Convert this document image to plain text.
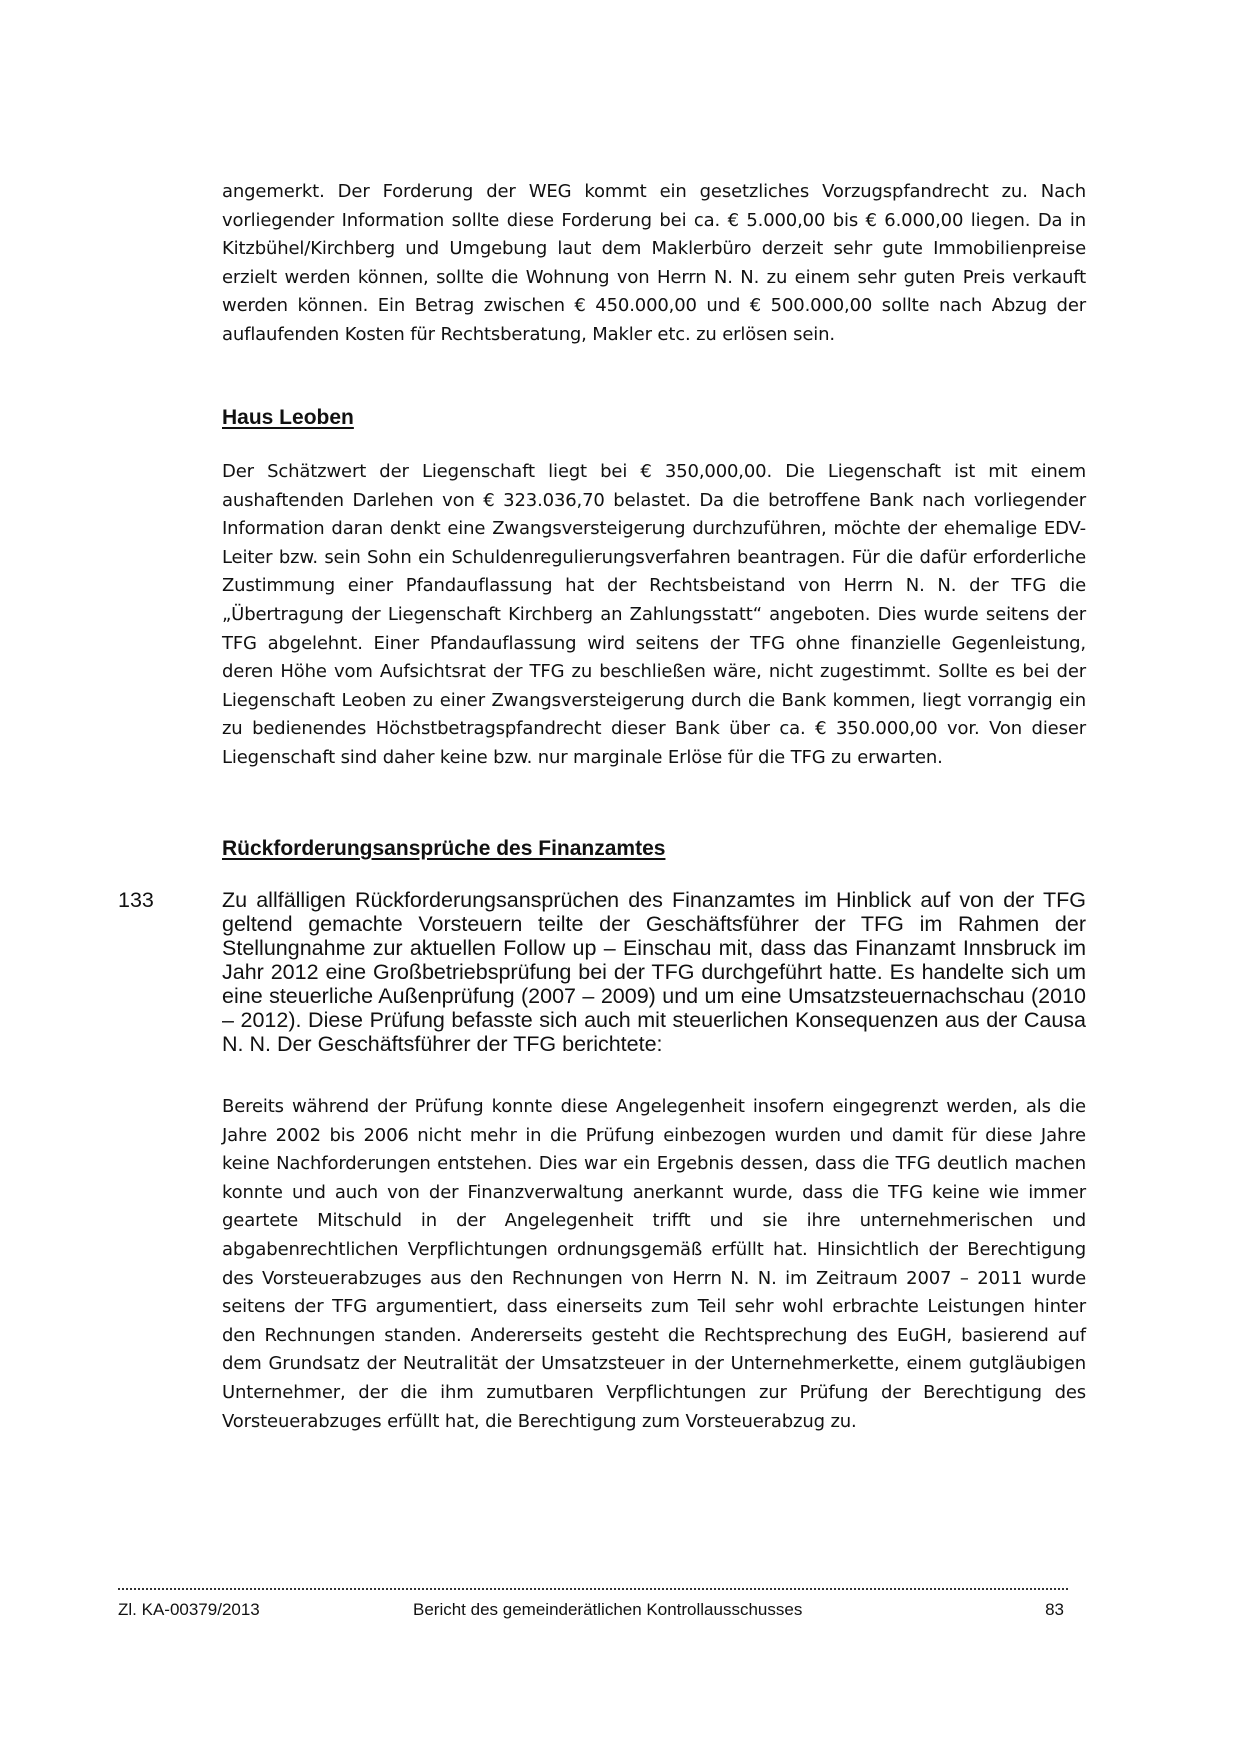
angemerkt. Der Forderung der WEG kommt ein gesetzliches Vorzugspfandrecht zu. Nach vorliegender Information sollte diese Forderung bei ca. € 5.000,00 bis € 6.000,00 liegen. Da in Kitzbühel/Kirchberg und Umgebung laut dem Maklerbüro derzeit sehr gute Immobilienpreise erzielt werden können, sollte die Wohnung von Herrn N. N. zu einem sehr guten Preis verkauft werden können. Ein Betrag zwischen € 450.000,00 und € 500.000,00 sollte nach Abzug der auflaufenden Kosten für Rechtsberatung, Makler etc. zu erlösen sein.

Haus Leoben

Der Schätzwert der Liegenschaft liegt bei € 350,000,00. Die Liegenschaft ist mit einem aushaftenden Darlehen von € 323.036,70 belastet. Da die betroffene Bank nach vorliegender Information daran denkt eine Zwangsversteigerung durchzuführen, möchte der ehemalige EDV-Leiter bzw. sein Sohn ein Schuldenregulierungsverfahren beantragen. Für die dafür erforderliche Zustimmung einer Pfandauflassung hat der Rechtsbeistand von Herrn N. N. der TFG die „Übertragung der Liegenschaft Kirchberg an Zahlungsstatt“ angeboten. Dies wurde seitens der TFG abgelehnt. Einer Pfandauflassung wird seitens der TFG ohne finanzielle Gegenleistung, deren Höhe vom Aufsichtsrat der TFG zu beschließen wäre, nicht zugestimmt. Sollte es bei der Liegenschaft Leoben zu einer Zwangsversteigerung durch die Bank kommen, liegt vorrangig ein zu bedienendes Höchstbetragspfandrecht dieser Bank über ca. € 350.000,00 vor. Von dieser Liegenschaft sind daher keine bzw. nur marginale Erlöse für die TFG zu erwarten.

Rückforderungsansprüche des Finanzamtes
133	Zu allfälligen Rückforderungsansprüchen des Finanzamtes im Hinblick auf von der TFG geltend gemachte Vorsteuern teilte der Geschäftsführer der TFG im Rahmen der Stellungnahme zur aktuellen Follow up – Einschau mit, dass das Finanzamt Innsbruck im Jahr 2012 eine Großbetriebsprüfung bei der TFG durchgeführt hatte. Es handelte sich um eine steuerliche Außenprüfung (2007 – 2009) und um eine Umsatzsteuernachschau (2010 – 2012). Diese Prüfung befasste sich auch mit steuerlichen Konsequenzen aus der Causa N. N. Der Geschäftsführer der TFG berichtete:

Bereits während der Prüfung konnte diese Angelegenheit insofern eingegrenzt werden, als die Jahre 2002 bis 2006 nicht mehr in die Prüfung einbezogen wurden und damit für diese Jahre keine Nachforderungen entstehen. Dies war ein Ergebnis dessen, dass die TFG deutlich machen konnte und auch von der Finanzverwaltung anerkannt wurde, dass die TFG keine wie immer geartete Mitschuld in der Angelegenheit trifft und sie ihre unternehmerischen und abgabenrechtlichen Verpflichtungen ordnungsgemäß erfüllt hat. Hinsichtlich der Berechtigung des Vorsteuerabzuges aus den Rechnungen von Herrn N. N. im Zeitraum 2007 – 2011 wurde seitens der TFG argumentiert, dass einerseits zum Teil sehr wohl erbrachte Leistungen hinter den Rechnungen standen. Andererseits gesteht die Rechtsprechung des EuGH, basierend auf dem Grundsatz der Neutralität der Umsatzsteuer in der Unternehmerkette, einem gutgläubigen Unternehmer, der die ihm zumutbaren Verpflichtungen zur Prüfung der Berechtigung des Vorsteuerabzuges erfüllt hat, die Berechtigung zum Vorsteuerabzug zu.

Zl. KA-00379/2013	Bericht des gemeinderätlichen Kontrollausschusses	83
